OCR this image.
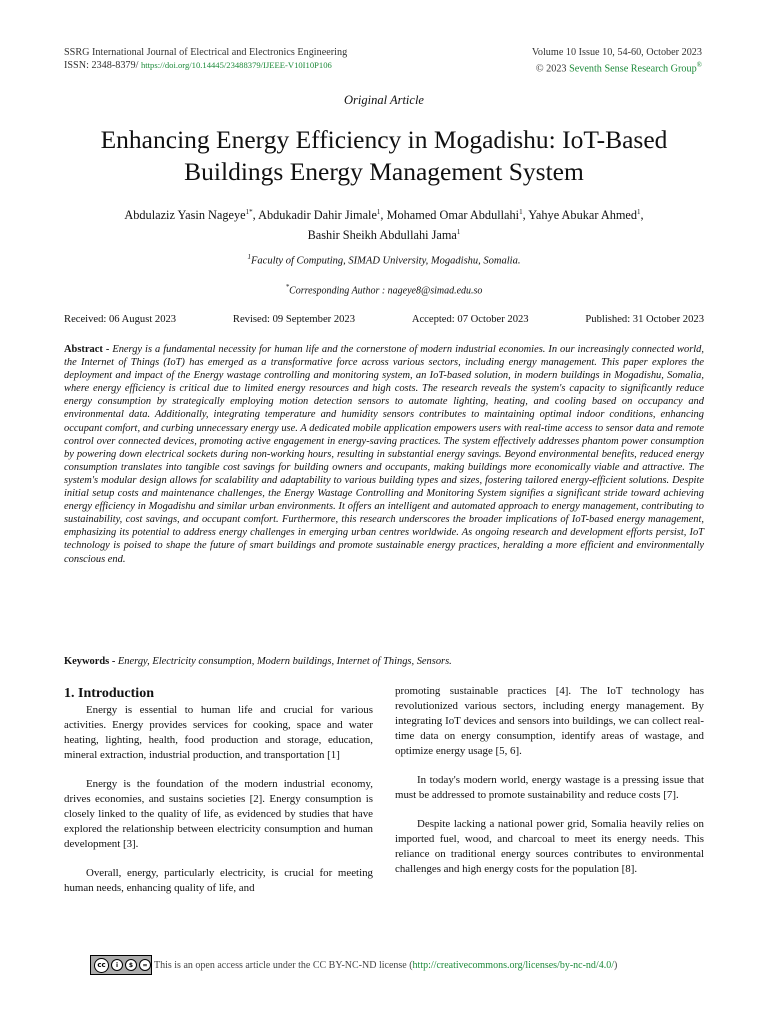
SSRG International Journal of Electrical and Electronics Engineering
ISSN: 2348-8379/ https://doi.org/10.14445/23488379/IJEEE-V10I10P106
Volume 10 Issue 10, 54-60, October 2023
© 2023 Seventh Sense Research Group®
Original Article
Enhancing Energy Efficiency in Mogadishu: IoT-Based
Buildings Energy Management System
Abdulaziz Yasin Nageye$^{1*}$, Abdukadir Dahir Jimale$^1$, Mohamed Omar Abdullahi$^1$, Yahye Abukar Ahmed$^1$,
Bashir Sheikh Abdullahi Jama$^1$
$^1$Faculty of Computing, SIMAD University, Mogadishu, Somalia.
*Corresponding Author : nageye8@simad.edu.so
Received: 06 August 2023	Revised: 09 September 2023	Accepted: 07 October 2023	Published: 31 October 2023
Abstract - Energy is a fundamental necessity for human life and the cornerstone of modern industrial economies. In our increasingly connected world, the Internet of Things (IoT) has emerged as a transformative force across various sectors, including energy management. This paper explores the deployment and impact of the Energy wastage controlling and monitoring system, an IoT-based solution, in modern buildings in Mogadishu, Somalia, where energy efficiency is critical due to limited energy resources and high costs. The research reveals the system's capacity to significantly reduce energy consumption by strategically employing motion detection sensors to automate lighting, heating, and cooling based on occupancy and environmental data. Additionally, integrating temperature and humidity sensors contributes to maintaining optimal indoor conditions, enhancing occupant comfort, and curbing unnecessary energy use. A dedicated mobile application empowers users with real-time access to sensor data and remote control over connected devices, promoting active engagement in energy-saving practices. The system effectively addresses phantom power consumption by powering down electrical sockets during non-working hours, resulting in substantial energy savings. Beyond environmental benefits, reduced energy consumption translates into tangible cost savings for building owners and occupants, making buildings more economically viable and attractive. The system's modular design allows for scalability and adaptability to various building types and sizes, fostering tailored energy-efficient solutions. Despite initial setup costs and maintenance challenges, the Energy Wastage Controlling and Monitoring System signifies a significant stride toward achieving energy efficiency in Mogadishu and similar urban environments. It offers an intelligent and automated approach to energy management, contributing to sustainability, cost savings, and occupant comfort. Furthermore, this research underscores the broader implications of IoT-based energy management, emphasizing its potential to address energy challenges in emerging urban centres worldwide. As ongoing research and development efforts persist, IoT technology is poised to shape the future of smart buildings and promote sustainable energy practices, heralding a more efficient and environmentally conscious end.
Keywords - Energy, Electricity consumption, Modern buildings, Internet of Things, Sensors.
1. Introduction

Energy is essential to human life and crucial for various activities. Energy provides services for cooking, space and water heating, lighting, health, food production and storage, education, mineral extraction, industrial production, and transportation [1]

Energy is the foundation of the modern industrial economy, drives economies, and sustains societies [2]. Energy consumption is closely linked to the quality of life, as evidenced by studies that have explored the relationship between electricity consumption and human development [3].

Overall, energy, particularly electricity, is crucial for meeting human needs, enhancing quality of life, and

promoting sustainable practices [4]. The IoT technology has revolutionized various sectors, including energy management. By integrating IoT devices and sensors into buildings, we can collect real-time data on energy consumption, identify areas of wastage, and optimize energy usage [5, 6].

In today's modern world, energy wastage is a pressing issue that must be addressed to promote sustainability and reduce costs [7].

Despite lacking a national power grid, Somalia heavily relies on imported fuel, wood, and charcoal to meet its energy needs. This reliance on traditional energy sources contributes to environmental challenges and high energy costs for the population [8].

cc	i	$	= This is an open access article under the CC BY-NC-ND license ( http://creativecommons.org/licenses/by-nc-nd/4.0/ )
